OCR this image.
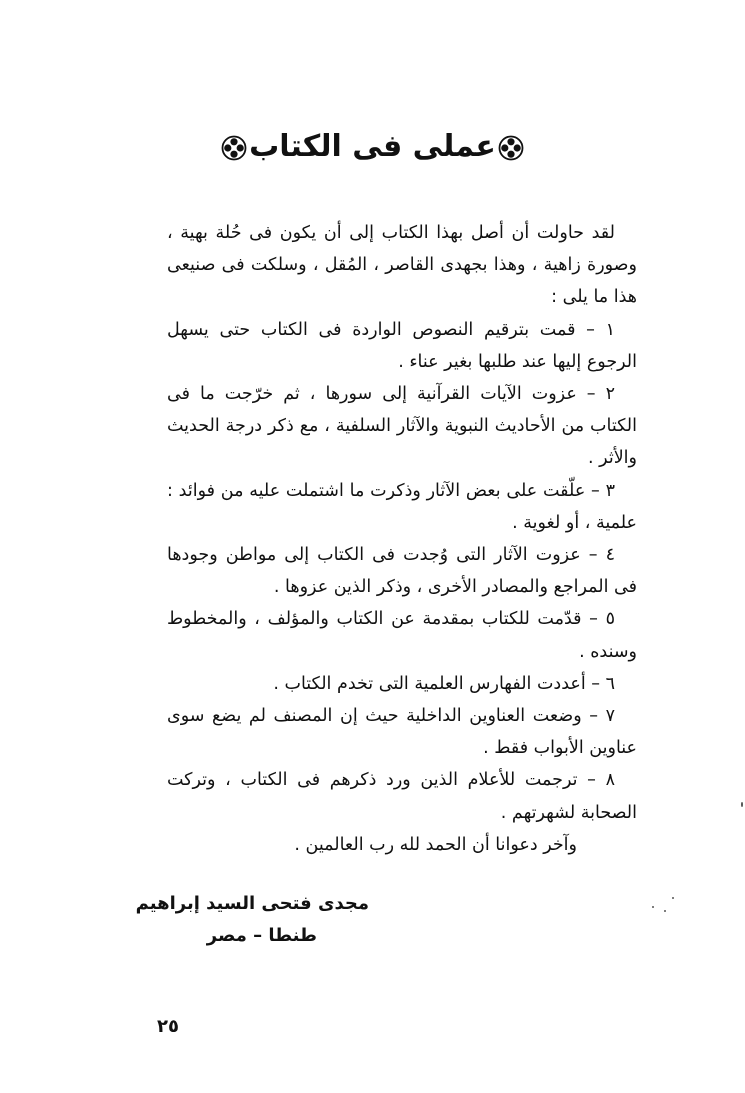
عملى فى الكتاب

لقد حاولت أن أصل بهذا الكتاب إلى أن يكون فى حُلة بهية ، وصورة زاهية ، وهذا بجهدى القاصر ، المُقل ، وسلكت فى صنيعى هذا ما يلى :

١ – قمت بترقيم النصوص الواردة فى الكتاب حتى يسهل الرجوع إليها عند طلبها بغير عناء .

٢ – عزوت الآيات القرآنية إلى سورها ، ثم خرّجت ما فى الكتاب من الأحاديث النبوية والآثار السلفية ، مع ذكر درجة الحديث والأثر .

٣ – علّقت على بعض الآثار وذكرت ما اشتملت عليه من فوائد : علمية ، أو لغوية .

٤ – عزوت الآثار التى وُجدت فى الكتاب إلى مواطن وجودها فى المراجع والمصادر الأخرى ، وذكر الذين عزوها .

٥ – قدّمت للكتاب بمقدمة عن الكتاب والمؤلف ، والمخطوط وسنده .

٦ – أعددت الفهارس العلمية التى تخدم الكتاب .

٧ – وضعت العناوين الداخلية حيث إن المصنف لم يضع سوى عناوين الأبواب فقط .

٨ – ترجمت للأعلام الذين ورد ذكرهم فى الكتاب ، وتركت الصحابة لشهرتهم .

وآخر دعوانا أن الحمد لله رب العالمين .

مجدى فتحى السيد إبراهيم
طنطا – مصر
٢٥
